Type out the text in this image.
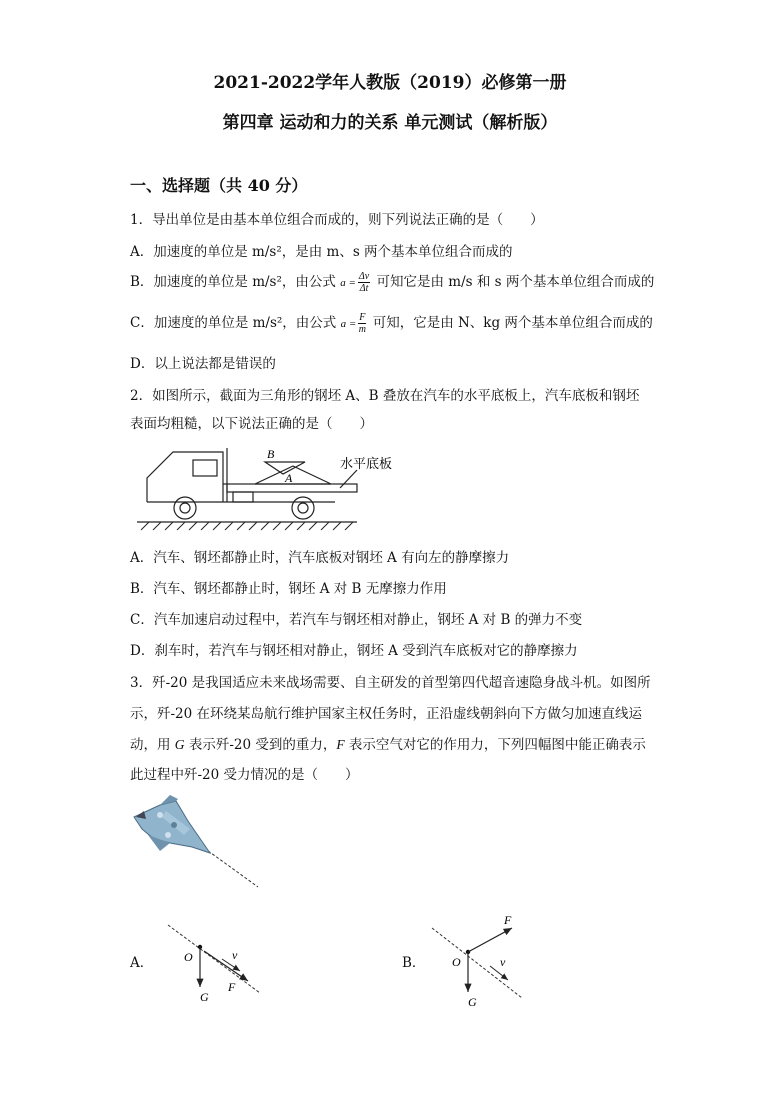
2021-2022学年人教版（2019）必修第一册
第四章 运动和力的关系 单元测试（解析版）
一、选择题（共 40 分）
1．导出单位是由基本单位组合而成的，则下列说法正确的是（　　）
A．加速度的单位是 m/s²，是由 m、s 两个基本单位组合而成的
B．加速度的单位是 m/s²，由公式 $a = \frac{\Delta v}{\Delta t}$ 可知它是由 m/s 和 s 两个基本单位组合而成的
C．加速度的单位是 m/s²，由公式 $a = \frac{F}{m}$ 可知，它是由 N、kg 两个基本单位组合而成的
D．以上说法都是错误的
2．如图所示，截面为三角形的钢坯 A、B 叠放在汽车的水平底板上，汽车底板和钢坯
表面均粗糙，以下说法正确的是（　　）
B
A
水平底板
A．汽车、钢坯都静止时，汽车底板对钢坯 A 有向左的静摩擦力
B．汽车、钢坯都静止时，钢坯 A 对 B 无摩擦力作用
C．汽车加速启动过程中，若汽车与钢坯相对静止，钢坯 A 对 B 的弹力不变
D．刹车时，若汽车与钢坯相对静止，钢坯 A 受到汽车底板对它的静摩擦力
3．歼-20 是我国适应未来战场需要、自主研发的首型第四代超音速隐身战斗机。如图所
示，歼-20 在环绕某岛航行维护国家主权任务时，正沿虚线朝斜向下方做匀加速直线运
动，用 G 表示歼-20 受到的重力，F 表示空气对它的作用力，下列四幅图中能正确表示
此过程中歼-20 受力情况的是（　　）
A．	B．
O	v
G
F
O	v
G
F
